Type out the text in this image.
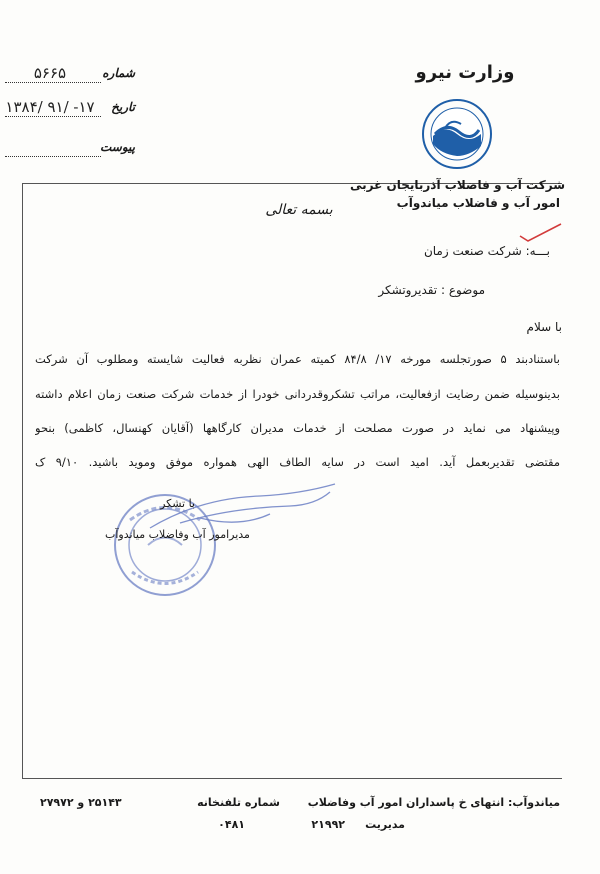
وزارت نیرو
شرکت آب و فاضلاب آذربایجان غربی
امور آب و فاضلاب میاندوآب
بسمه تعالی
شماره
۵۶۶۵
تاریخ
۱۳۸۴/ ۹۱/ -۱۷
پیوست
بـــه: شرکت صنعت زمان
موضوع : تقدیروتشکر
با سلام
باستنادبند ۵ صورتجلسه مورخه ۱۷/ ۸۴/۸ کمیته عمران نظربه فعالیت شایسته ومطلوب آن شرکت
بدینوسیله ضمن رضایت ازفعالیت، مراتب تشکروقدردانی خودرا از خدمات شرکت صنعت زمان اعلام داشته
وپیشنهاد می نماید در صورت مصلحت از خدمات مدیران کارگاهها (آقایان کهنسال، کاظمی) بنحو
مقتضی تقدیربعمل آید. امید است در سایه الطاف الهی همواره موفق وموید باشید. ۹/۱۰ ک
با تشکر
مدیرامور آب وفاضلاب میاندوآب
میاندوآب: انتهای خ پاسداران امور آب وفاضلاب
شماره تلفنخانه
۲۵۱۴۳ و ۲۷۹۷۲
مدیریت
۲۱۹۹۲
۰۴۸۱
